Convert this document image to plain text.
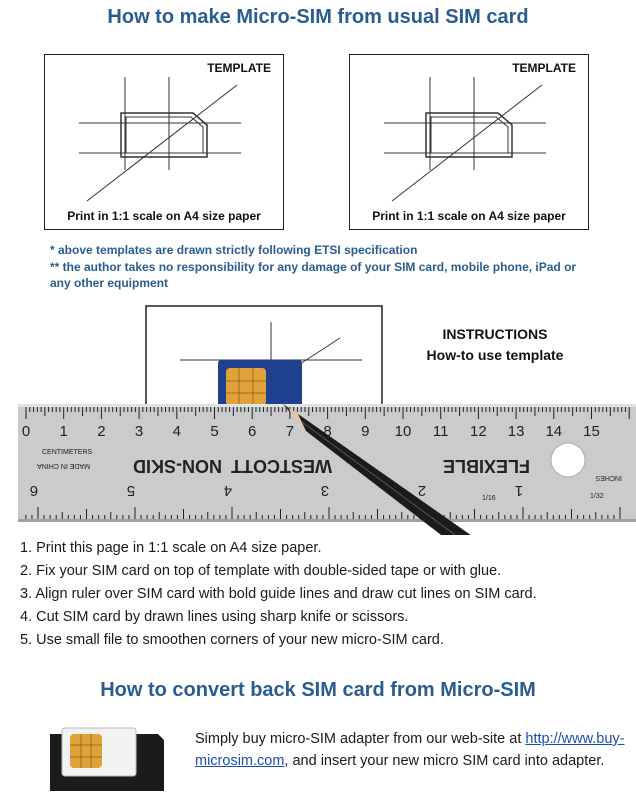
How to make Micro-SIM from usual SIM card
TEMPLATE
Print in 1:1 scale on A4 size paper
TEMPLATE
Print in 1:1 scale on A4 size paper
* above templates are drawn strictly following ETSI specification
** the author takes no responsibility for any damage of your SIM card, mobile phone, iPad or any other equipment
0 1 2 3 4 5 6 7 8 9 10 11 12 13 14 15
6	5	4	3	2	1
CENTIMETERS
MADE IN CHINA NON-SKID WESTCOTT	FLEXIBLE
1/16	1/32
INCHES
INSTRUCTIONS
How-to use template
1. Print this page in 1:1 scale on A4 size paper.
2. Fix your SIM card on top of template with double-sided tape or with glue.
3. Align ruler over SIM card with bold guide lines and draw cut lines on SIM card.
4. Cut SIM card by drawn lines using sharp knife or scissors.
5. Use small file to smoothen corners of your new micro-SIM card.
How to convert back SIM card from Micro-SIM
Simply buy micro-SIM adapter from our web-site at http://www.buy-microsim.com, and insert your new micro SIM card into adapter.
